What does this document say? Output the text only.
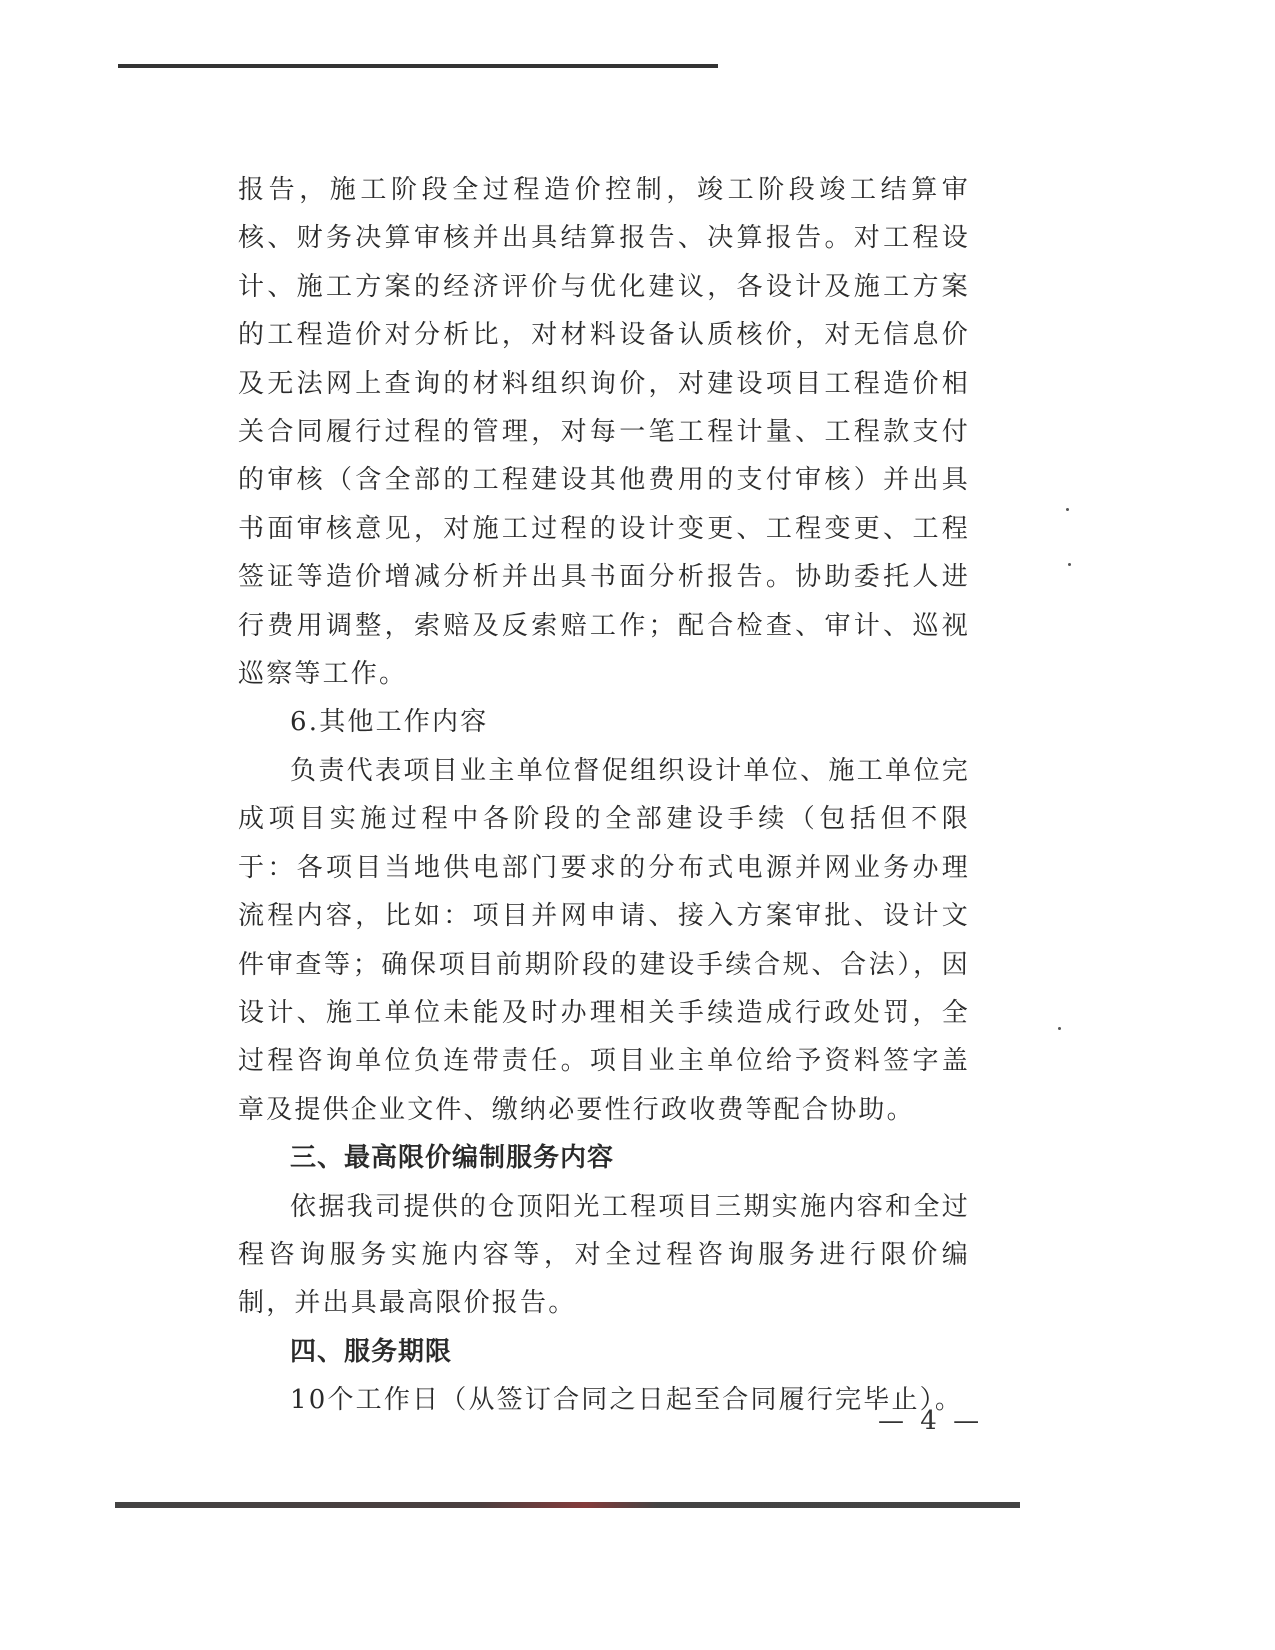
报告，施工阶段全过程造价控制，竣工阶段竣工结算审核、财务决算审核并出具结算报告、决算报告。对工程设计、施工方案的经济评价与优化建议，各设计及施工方案的工程造价对分析比，对材料设备认质核价，对无信息价及无法网上查询的材料组织询价，对建设项目工程造价相关合同履行过程的管理，对每一笔工程计量、工程款支付的审核（含全部的工程建设其他费用的支付审核）并出具书面审核意见，对施工过程的设计变更、工程变更、工程签证等造价增减分析并出具书面分析报告。协助委托人进行费用调整，索赔及反索赔工作；配合检查、审计、巡视巡察等工作。

6.其他工作内容

负责代表项目业主单位督促组织设计单位、施工单位完成项目实施过程中各阶段的全部建设手续（包括但不限于：各项目当地供电部门要求的分布式电源并网业务办理流程内容，比如：项目并网申请、接入方案审批、设计文件审查等；确保项目前期阶段的建设手续合规、合法），因设计、施工单位未能及时办理相关手续造成行政处罚，全过程咨询单位负连带责任。项目业主单位给予资料签字盖章及提供企业文件、缴纳必要性行政收费等配合协助。

三、最高限价编制服务内容

依据我司提供的仓顶阳光工程项目三期实施内容和全过程咨询服务实施内容等，对全过程咨询服务进行限价编制，并出具最高限价报告。

四、服务期限

10个工作日（从签订合同之日起至合同履行完毕止）。

— 4 —
